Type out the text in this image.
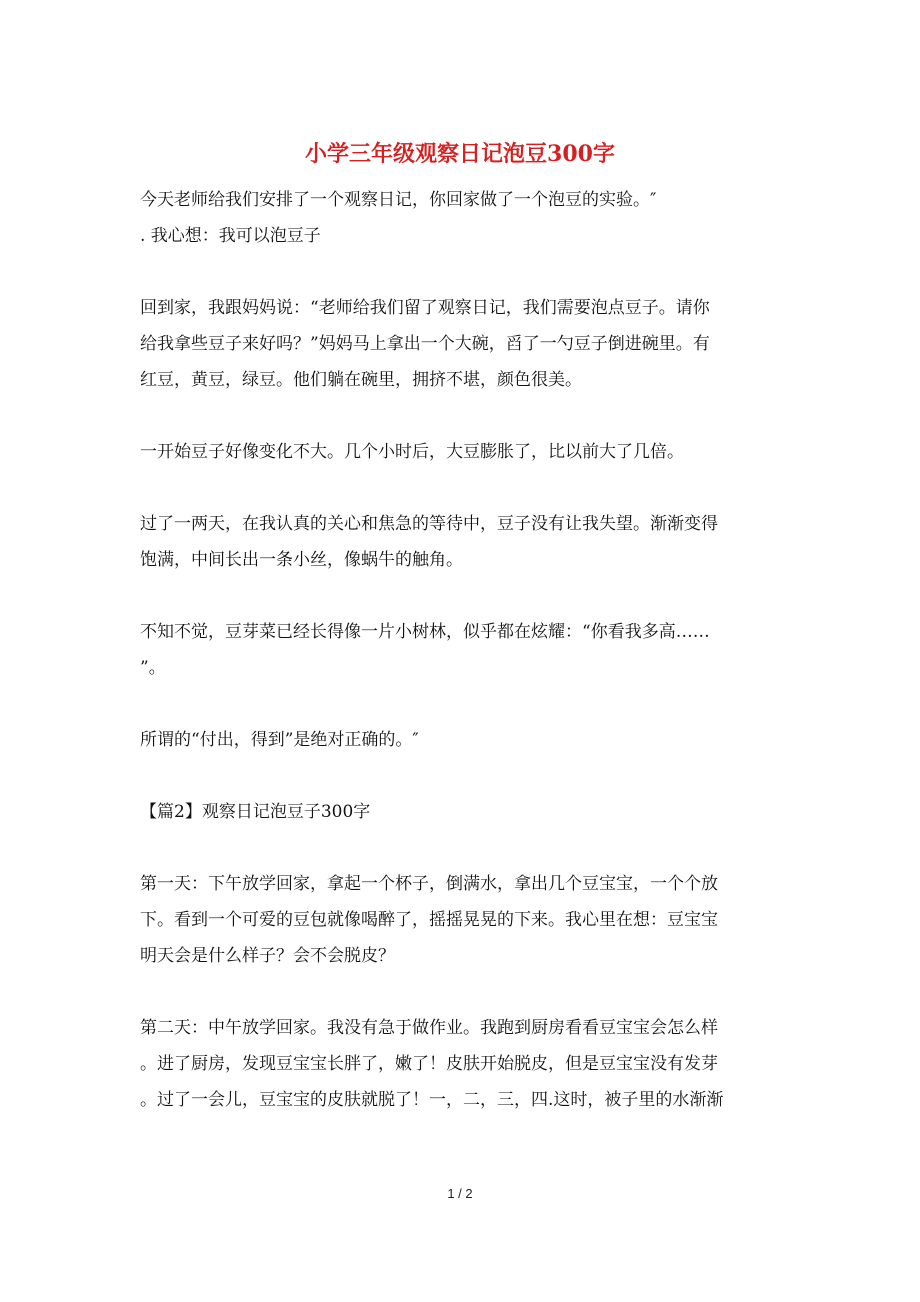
小学三年级观察日记泡豆300字
今天老师给我们安排了一个观察日记，你回家做了一个泡豆的实验。″
. 我心想：我可以泡豆子
回到家，我跟妈妈说：“老师给我们留了观察日记，我们需要泡点豆子。请你
给我拿些豆子来好吗？”妈妈马上拿出一个大碗，舀了一勺豆子倒进碗里。有
红豆，黄豆，绿豆。他们躺在碗里，拥挤不堪，颜色很美。
一开始豆子好像变化不大。几个小时后，大豆膨胀了，比以前大了几倍。
过了一两天，在我认真的关心和焦急的等待中，豆子没有让我失望。渐渐变得
饱满，中间长出一条小丝，像蜗牛的触角。
不知不觉，豆芽菜已经长得像一片小树林，似乎都在炫耀：“你看我多高……
”。
所谓的“付出，得到”是绝对正确的。″
【篇2】观察日记泡豆子300字
第一天：下午放学回家，拿起一个杯子，倒满水，拿出几个豆宝宝，一个个放
下。看到一个可爱的豆包就像喝醉了，摇摇晃晃的下来。我心里在想：豆宝宝
明天会是什么样子？会不会脱皮？
第二天：中午放学回家。我没有急于做作业。我跑到厨房看看豆宝宝会怎么样
。进了厨房，发现豆宝宝长胖了，嫩了！皮肤开始脱皮，但是豆宝宝没有发芽
。过了一会儿，豆宝宝的皮肤就脱了！一，二，三，四.这时，被子里的水渐渐
1 / 2
